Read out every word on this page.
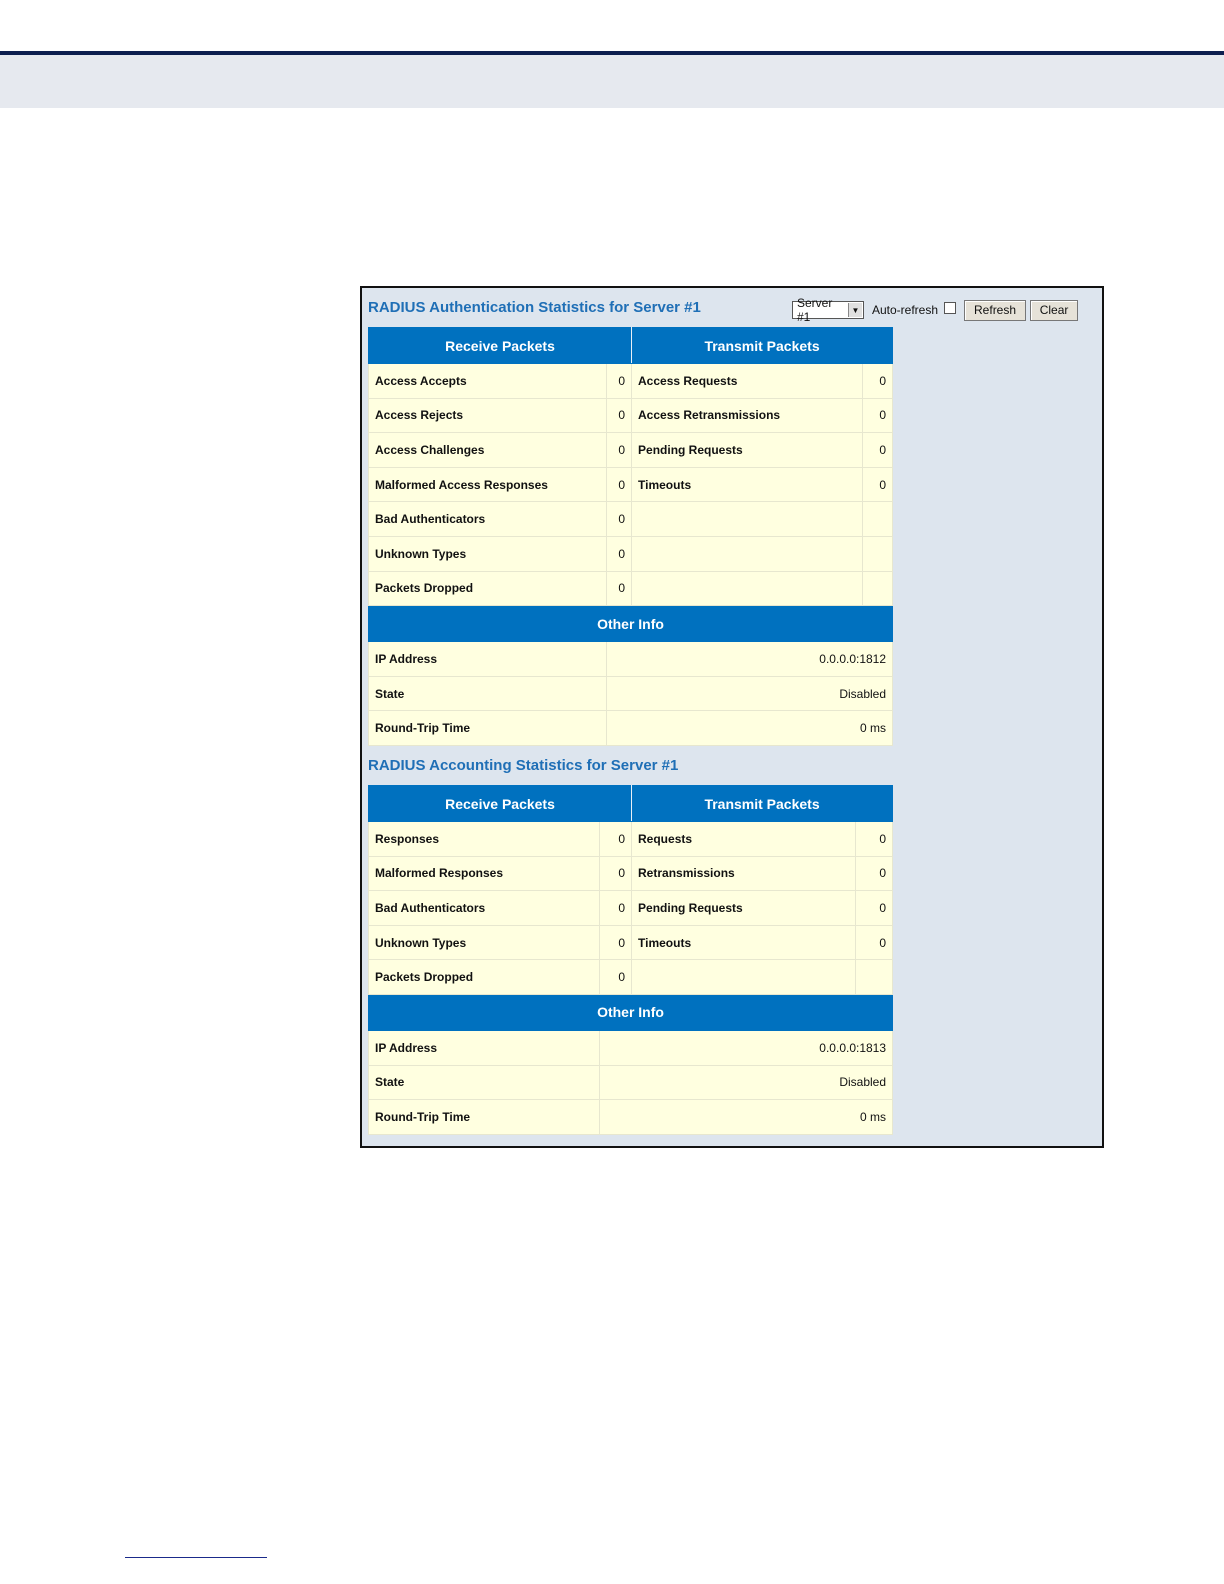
RADIUS Authentication Statistics for Server #1	Server #1	▼ Auto-refresh	Refresh	Clear
Receive Packets		Transmit Packets	
Access Accepts	0	Access Requests	0
Access Rejects	0	Access Retransmissions	0
Access Challenges	0	Pending Requests	0
Malformed Access Responses	0	Timeouts	0
Bad Authenticators	0		
Unknown Types	0		
Packets Dropped	0		
Other Info			
IP Address	0.0.0.0:1812		
State	Disabled		
Round-Trip Time	0 ms		
RADIUS Accounting Statistics for Server #1
Receive Packets		Transmit Packets	
Responses	0	Requests	0
Malformed Responses	0	Retransmissions	0
Bad Authenticators	0	Pending Requests	0
Unknown Types	0	Timeouts	0
Packets Dropped	0		
Other Info			
IP Address	0.0.0.0:1813		
State	Disabled		
Round-Trip Time	0 ms		
